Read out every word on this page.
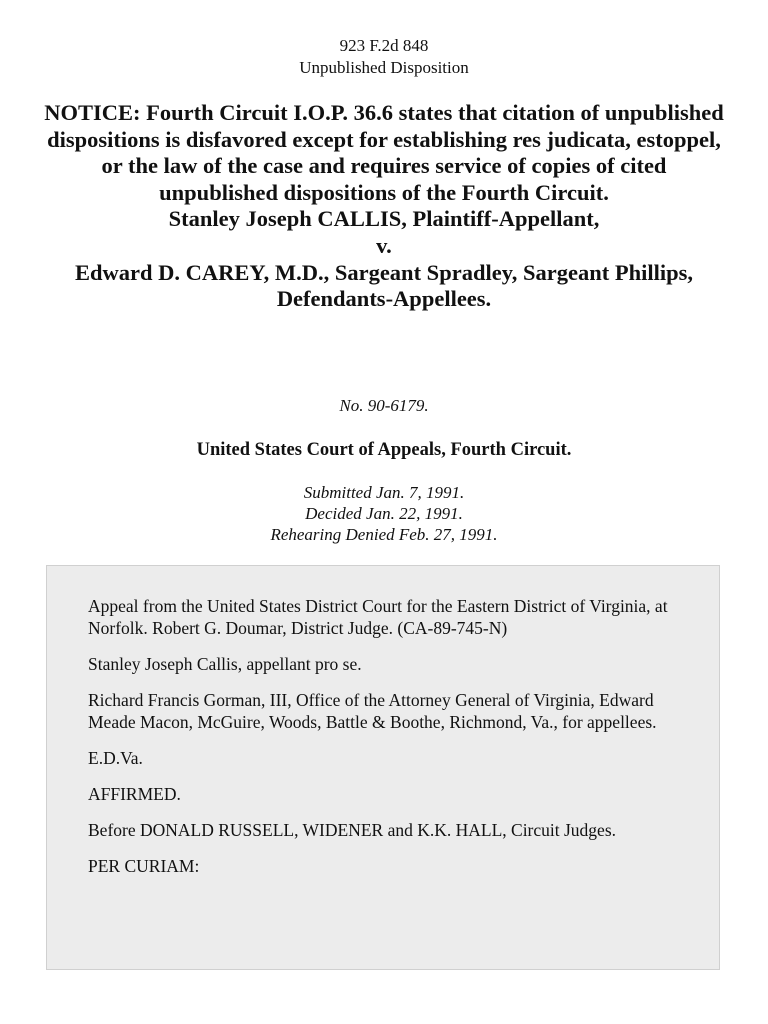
923 F.2d 848
Unpublished Disposition
NOTICE: Fourth Circuit I.O.P. 36.6 states that citation of unpublished dispositions is disfavored except for establishing res judicata, estoppel, or the law of the case and requires service of copies of cited unpublished dispositions of the Fourth Circuit.
Stanley Joseph CALLIS, Plaintiff-Appellant,
v.
Edward D. CAREY, M.D., Sargeant Spradley, Sargeant Phillips,
Defendants-Appellees.
No. 90-6179.
United States Court of Appeals, Fourth Circuit.
Submitted Jan. 7, 1991.
Decided Jan. 22, 1991.
Rehearing Denied Feb. 27, 1991.

Appeal from the United States District Court for the Eastern District of Virginia, at Norfolk. Robert G. Doumar, District Judge. (CA-89-745-N)

Stanley Joseph Callis, appellant pro se.

Richard Francis Gorman, III, Office of the Attorney General of Virginia, Edward Meade Macon, McGuire, Woods, Battle & Boothe, Richmond, Va., for appellees.

E.D.Va.

AFFIRMED.

Before DONALD RUSSELL, WIDENER and K.K. HALL, Circuit Judges.

PER CURIAM:
